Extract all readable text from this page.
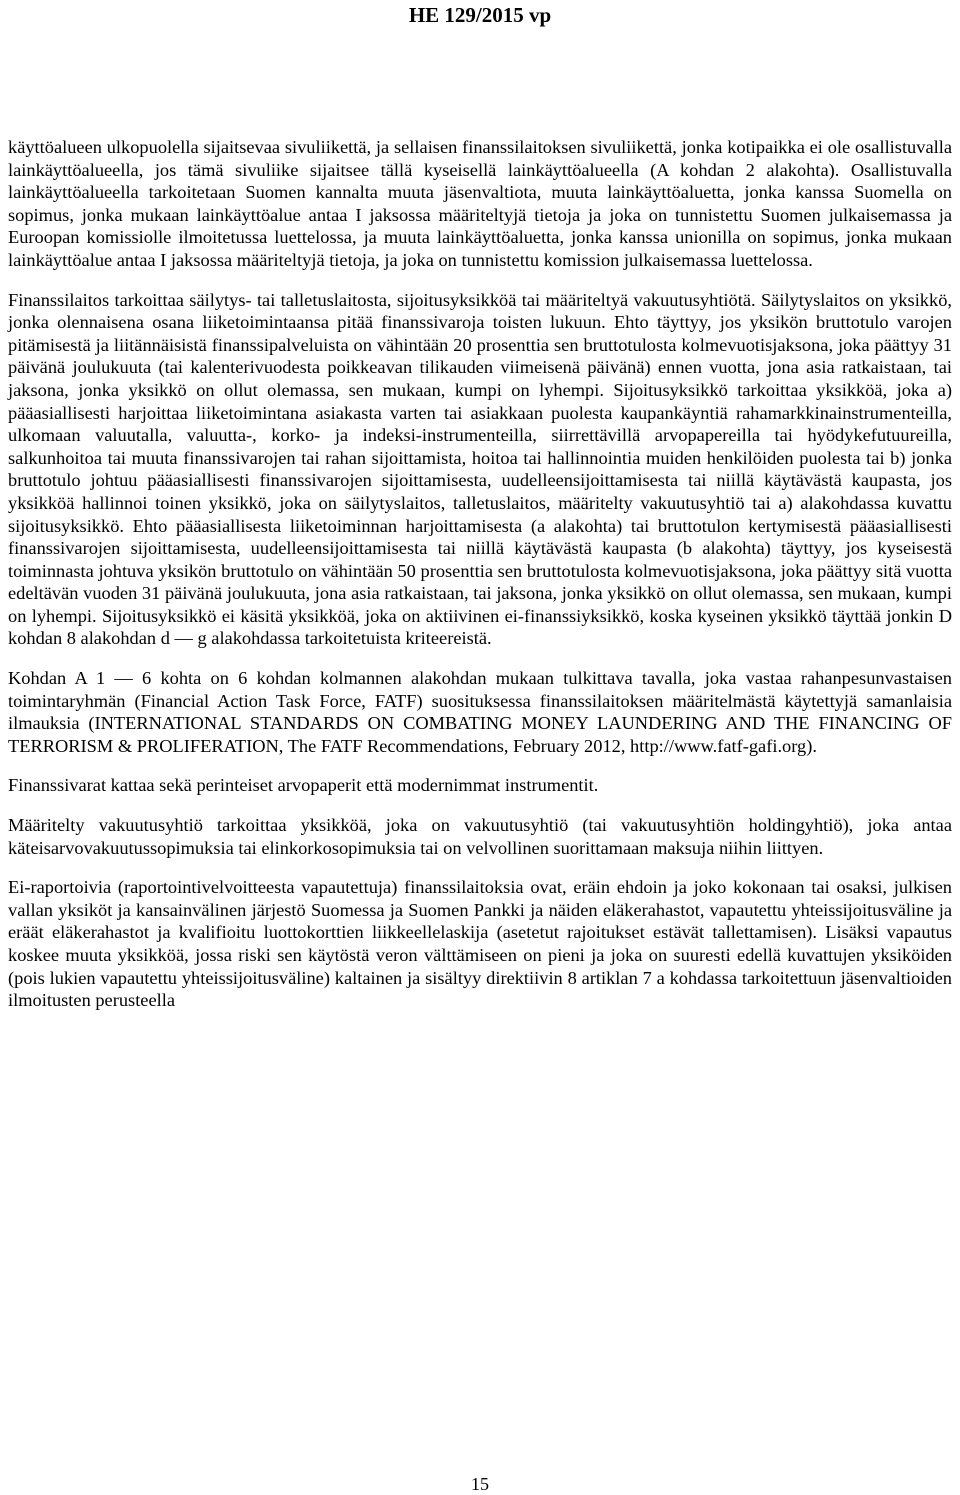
HE 129/2015 vp

käyttöalueen ulkopuolella sijaitsevaa sivuliikettä, ja sellaisen finanssilaitoksen sivuliikettä, jonka kotipaikka ei ole osallistuvalla lainkäyttöalueella, jos tämä sivuliike sijaitsee tällä kyseisellä lainkäyttöalueella (A kohdan 2 alakohta). Osallistuvalla lainkäyttöalueella tarkoitetaan Suomen kannalta muuta jäsenvaltiota, muuta lainkäyttöaluetta, jonka kanssa Suomella on sopimus, jonka mukaan lainkäyttöalue antaa I jaksossa määriteltyjä tietoja ja joka on tunnistettu Suomen julkaisemassa ja Euroopan komissiolle ilmoitetussa luettelossa, ja muuta lainkäyttöaluetta, jonka kanssa unionilla on sopimus, jonka mukaan lainkäyttöalue antaa I jaksossa määriteltyjä tietoja, ja joka on tunnistettu komission julkaisemassa luettelossa.

Finanssilaitos tarkoittaa säilytys- tai talletuslaitosta, sijoitusyksikköä tai määriteltyä vakuutusyhtiötä. Säilytyslaitos on yksikkö, jonka olennaisena osana liiketoimintaansa pitää finanssivaroja toisten lukuun. Ehto täyttyy, jos yksikön bruttotulo varojen pitämisestä ja liitännäisistä finanssipalveluista on vähintään 20 prosenttia sen bruttotulosta kolmevuotisjaksona, joka päättyy 31 päivänä joulukuuta (tai kalenterivuodesta poikkeavan tilikauden viimeisenä päivänä) ennen vuotta, jona asia ratkaistaan, tai jaksona, jonka yksikkö on ollut olemassa, sen mukaan, kumpi on lyhempi. Sijoitusyksikkö tarkoittaa yksikköä, joka a) pääasiallisesti harjoittaa liiketoimintana asiakasta varten tai asiakkaan puolesta kaupankäyntiä rahamarkkinainstrumenteilla, ulkomaan valuutalla, valuutta-, korko- ja indeksi-instrumenteilla, siirrettävillä arvopapereilla tai hyödykefutuureilla, salkunhoitoa tai muuta finanssivarojen tai rahan sijoittamista, hoitoa tai hallinnointia muiden henkilöiden puolesta tai b) jonka bruttotulo johtuu pääasiallisesti finanssivarojen sijoittamisesta, uudelleensijoittamisesta tai niillä käytävästä kaupasta, jos yksikköä hallinnoi toinen yksikkö, joka on säilytyslaitos, talletuslaitos, määritelty vakuutusyhtiö tai a) alakohdassa kuvattu sijoitusyksikkö. Ehto pääasiallisesta liiketoiminnan harjoittamisesta (a alakohta) tai bruttotulon kertymisestä pääasiallisesti finanssivarojen sijoittamisesta, uudelleensijoittamisesta tai niillä käytävästä kaupasta (b alakohta) täyttyy, jos kyseisestä toiminnasta johtuva yksikön bruttotulo on vähintään 50 prosenttia sen bruttotulosta kolmevuotisjaksona, joka päättyy sitä vuotta edeltävän vuoden 31 päivänä joulukuuta, jona asia ratkaistaan, tai jaksona, jonka yksikkö on ollut olemassa, sen mukaan, kumpi on lyhempi. Sijoitusyksikkö ei käsitä yksikköä, joka on aktiivinen ei-finanssiyksikkö, koska kyseinen yksikkö täyttää jonkin D kohdan 8 alakohdan d — g alakohdassa tarkoitetuista kriteereistä.

Kohdan A 1 — 6 kohta on 6 kohdan kolmannen alakohdan mukaan tulkittava tavalla, joka vastaa rahanpesunvastaisen toimintaryhmän (Financial Action Task Force, FATF) suosituksessa finanssilaitoksen määritelmästä käytettyjä samanlaisia ilmauksia (INTERNATIONAL STANDARDS ON COMBATING MONEY LAUNDERING AND THE FINANCING OF TERRORISM & PROLIFERATION, The FATF Recommendations, February 2012, http://www.fatf-gafi.org).

Finanssivarat kattaa sekä perinteiset arvopaperit että modernimmat instrumentit.

Määritelty vakuutusyhtiö tarkoittaa yksikköä, joka on vakuutusyhtiö (tai vakuutusyhtiön holdingyhtiö), joka antaa käteisarvovakuutussopimuksia tai elinkorkosopimuksia tai on velvollinen suorittamaan maksuja niihin liittyen.

Ei-raportoivia (raportointivelvoitteesta vapautettuja) finanssilaitoksia ovat, eräin ehdoin ja joko kokonaan tai osaksi, julkisen vallan yksiköt ja kansainvälinen järjestö Suomessa ja Suomen Pankki ja näiden eläkerahastot, vapautettu yhteissijoitusväline ja eräät eläkerahastot ja kvalifioitu luottokorttien liikkeellelaskija (asetetut rajoitukset estävät tallettamisen). Lisäksi vapautus koskee muuta yksikköä, jossa riski sen käytöstä veron välttämiseen on pieni ja joka on suuresti edellä kuvattujen yksiköiden (pois lukien vapautettu yhteissijoitusväline) kaltainen ja sisältyy direktiivin 8 artiklan 7 a kohdassa tarkoitettuun jäsenvaltioiden ilmoitusten perusteella

15
